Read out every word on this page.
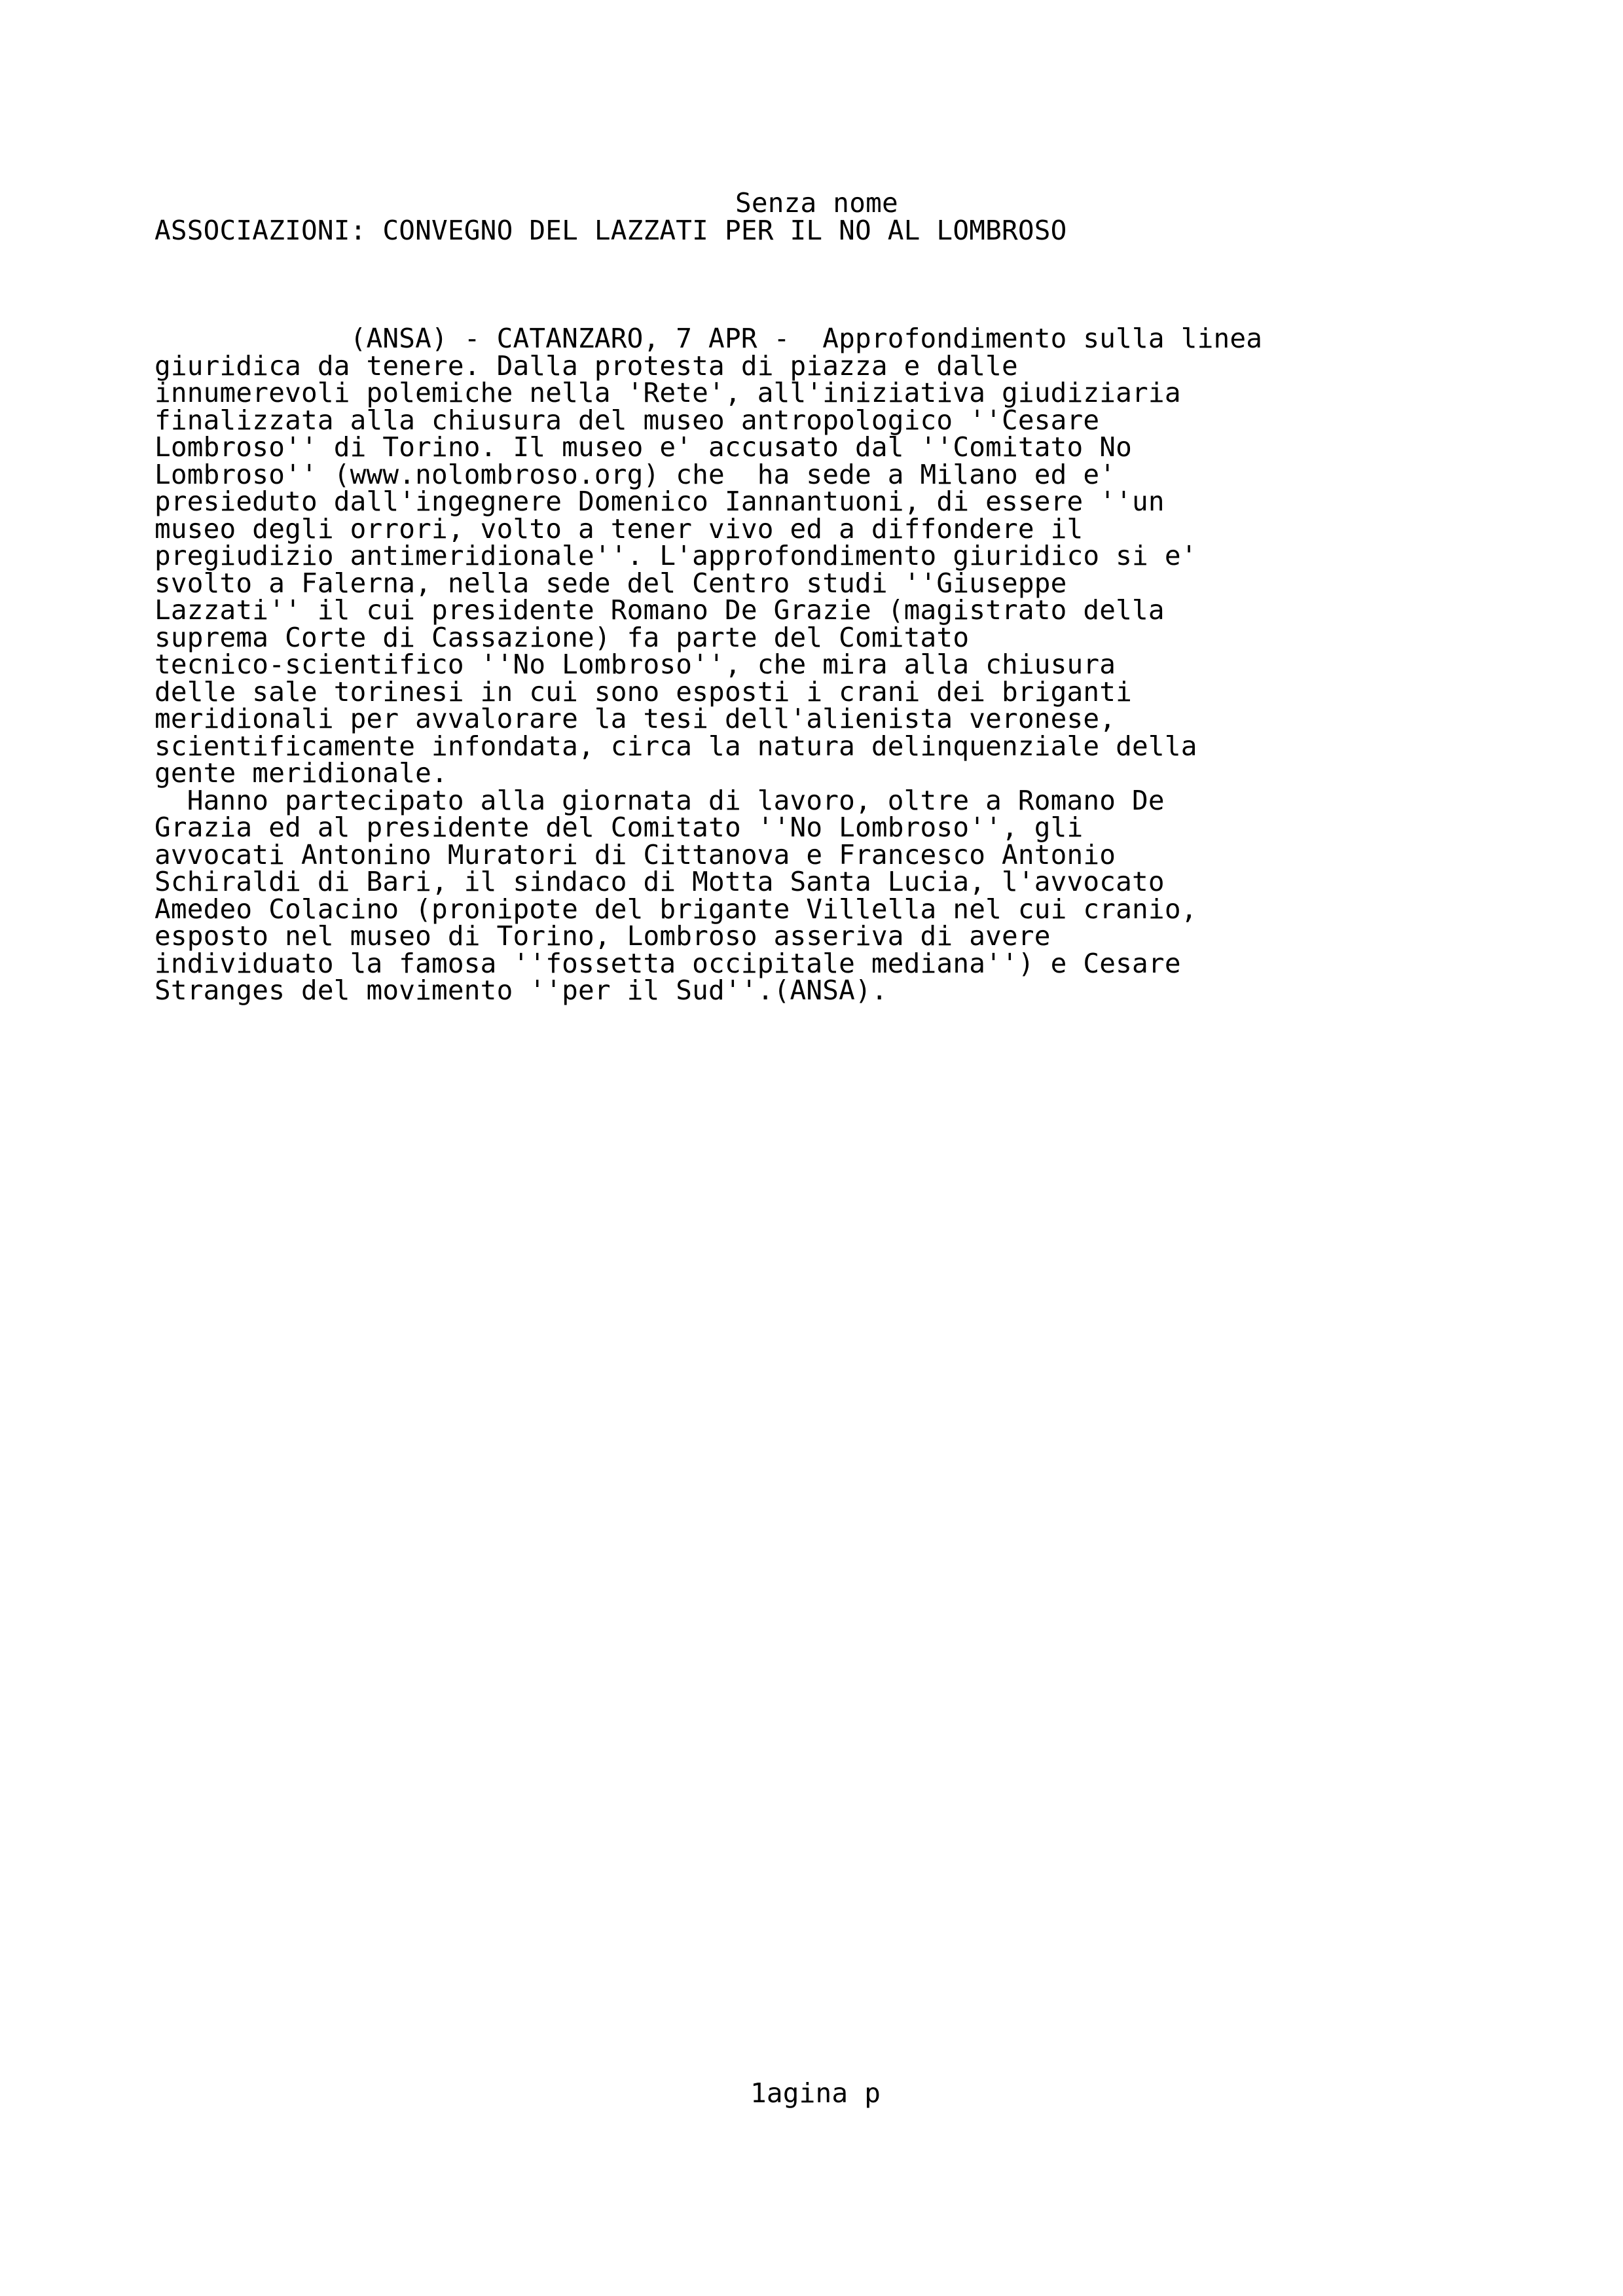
Senza nome
ASSOCIAZIONI: CONVEGNO DEL LAZZATI PER IL NO AL LOMBROSO
(ANSA) - CATANZARO, 7 APR -  Approfondimento sulla linea
giuridica da tenere. Dalla protesta di piazza e dalle
innumerevoli polemiche nella 'Rete', all'iniziativa giudiziaria
finalizzata alla chiusura del museo antropologico ''Cesare
Lombroso'' di Torino. Il museo e' accusato dal ''Comitato No
Lombroso'' (www.nolombroso.org) che  ha sede a Milano ed e'
presieduto dall'ingegnere Domenico Iannantuoni, di essere ''un
museo degli orrori, volto a tener vivo ed a diffondere il
pregiudizio antimeridionale''. L'approfondimento giuridico si e'
svolto a Falerna, nella sede del Centro studi ''Giuseppe
Lazzati'' il cui presidente Romano De Grazie (magistrato della
suprema Corte di Cassazione) fa parte del Comitato
tecnico-scientifico ''No Lombroso'', che mira alla chiusura
delle sale torinesi in cui sono esposti i crani dei briganti
meridionali per avvalorare la tesi dell'alienista veronese,
scientificamente infondata, circa la natura delinquenziale della
gente meridionale.
Hanno partecipato alla giornata di lavoro, oltre a Romano De
Grazia ed al presidente del Comitato ''No Lombroso'', gli
avvocati Antonino Muratori di Cittanova e Francesco Antonio
Schiraldi di Bari, il sindaco di Motta Santa Lucia, l'avvocato
Amedeo Colacino (pronipote del brigante Villella nel cui cranio,
esposto nel museo di Torino, Lombroso asseriva di avere
individuato la famosa ''fossetta occipitale mediana'') e Cesare
Stranges del movimento ''per il Sud''.(ANSA).
1agina p
